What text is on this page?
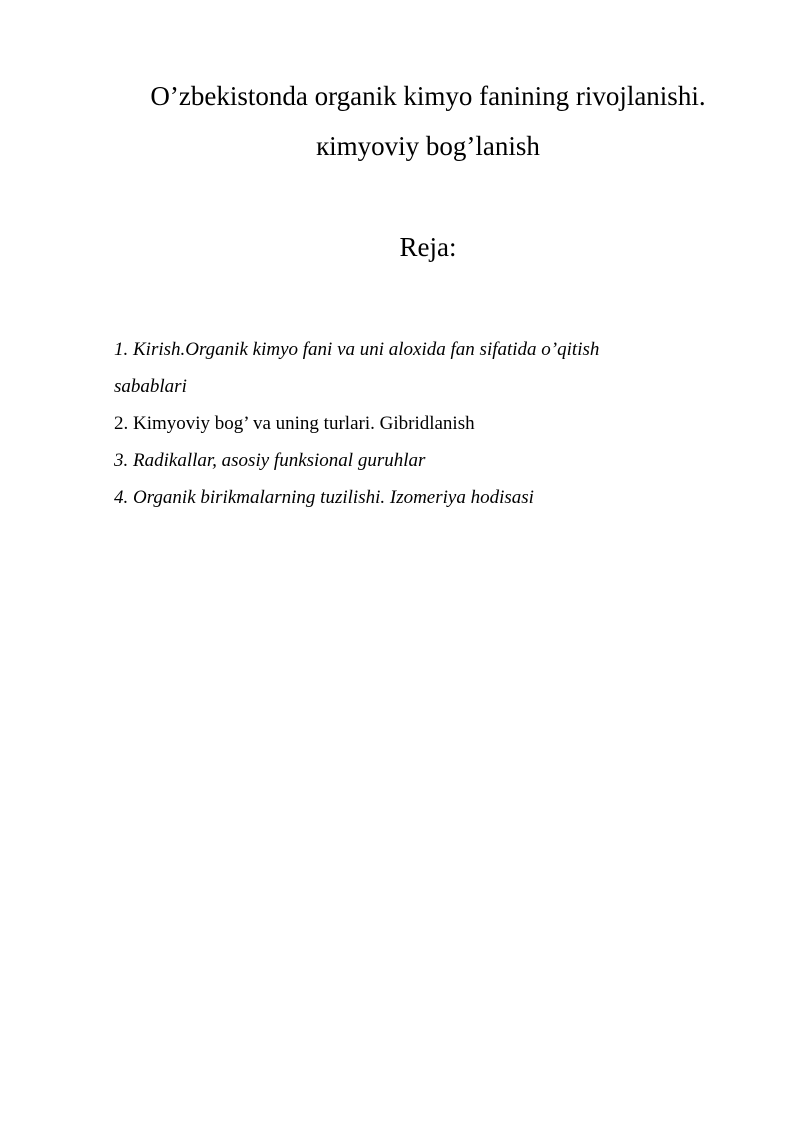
O’zbekistonda organik kimyo fanining rivojlanishi.
кimyoviy bog’lanish
Reja:
1. Kirish.Organik kimyo fani va uni aloxida fan sifatida o’qitish
sabablari
2. Kimyoviy bog’ va uning turlari. Gibridlanish
3. Radikallar, asosiy funksional guruhlar
4. Organik birikmalarning tuzilishi. Izomeriya hodisasi
